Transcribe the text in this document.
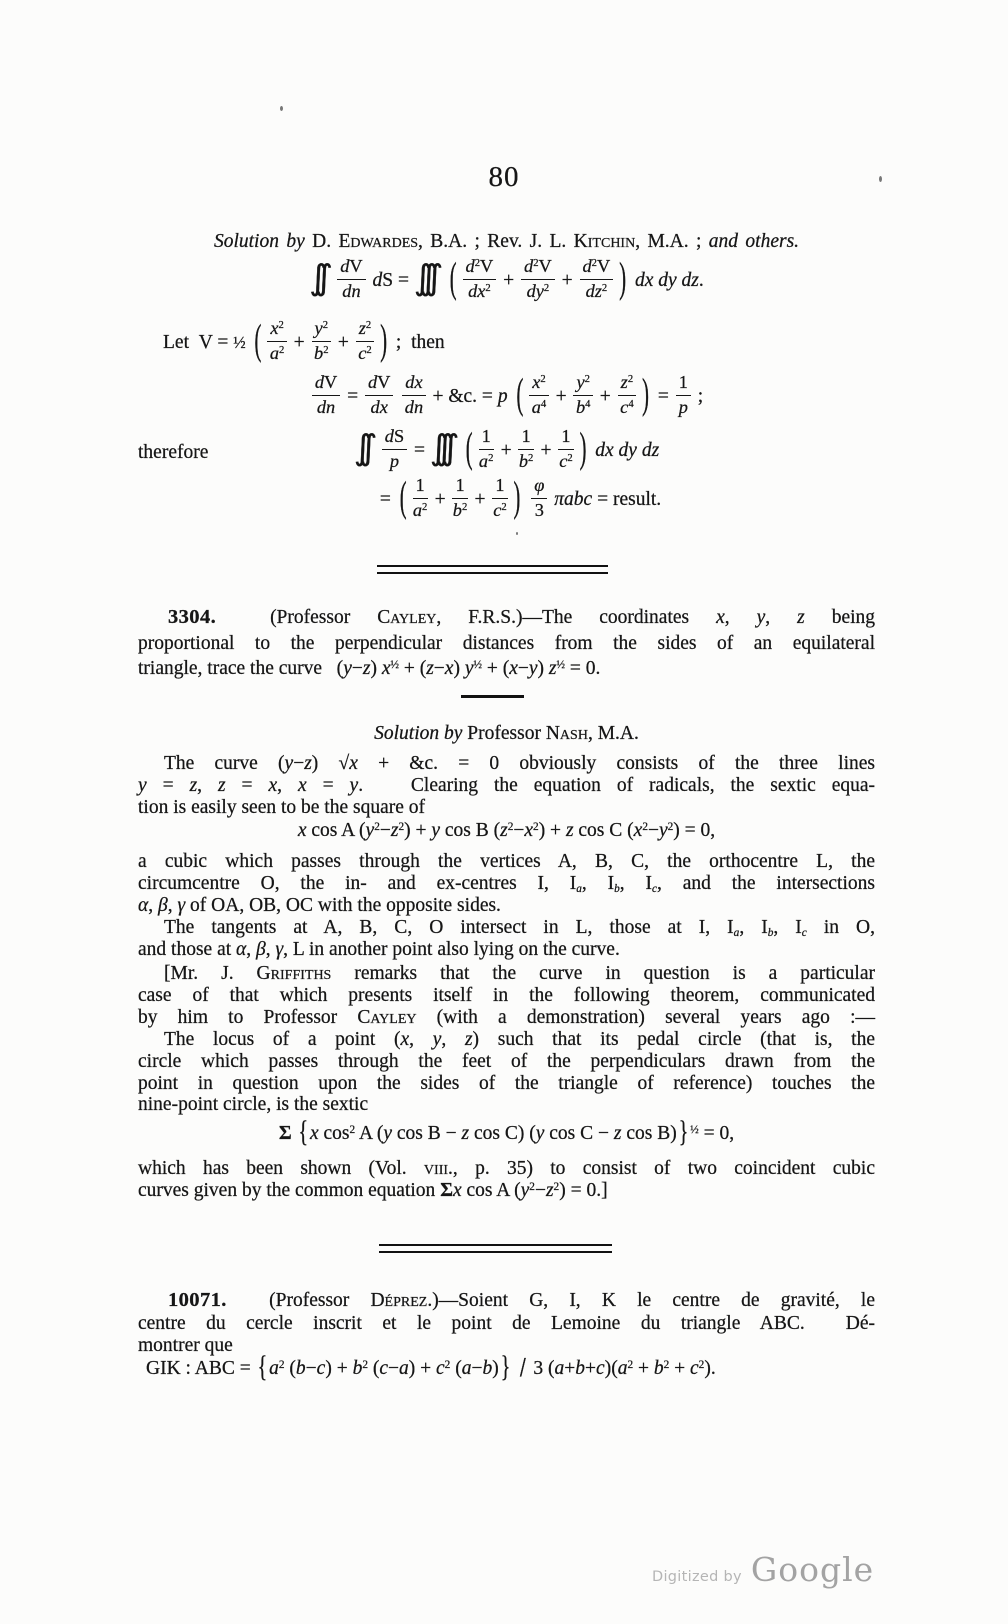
80
Solution by D. Edwardes, B.A. ; Rev. J. L. Kitchin, M.A. ; and others.
∫∫ $\frac{dV}{dn}$ dS = ∫∫∫ ( $\frac{d^2V}{dx^2} + \frac{d^2V}{dy^2} + \frac{d^2V}{dz^2}$ ) dx dy dz.
Let  V = ½ ( $\frac{x^2}{a^2} + \frac{y^2}{b^2} + \frac{z^2}{c^2}$ ) ;  then
$\frac{dV}{dn} = \frac{dV}{dx}$
$\frac{dx}{dn}$ + &c. = p ( $\frac{x^2}{a^4} + \frac{y^2}{b^4} + \frac{z^2}{c^4}$ ) = $\frac{1}{p}$ ;
therefore	∫∫ $\frac{dS}{p}$ = ∫∫∫ ( $\frac{1}{a^2} + \frac{1}{b^2} + \frac{1}{c^2}$ ) dx dy dz
= ( $\frac{1}{a^2} + \frac{1}{b^2} + \frac{1}{c^2}$ ) $\frac{\varphi}{3}$ πabc = result.
3304.  (Professor Cayley, F.R.S.)—The coordinates x, y, z being
proportional to the perpendicular distances from the sides of an equilateral
triangle, trace the curve   (y−z) $x^{\frac{1}{2}} + (z-x) y^{\frac{1}{2}} + (x-y) z^{\frac{1}{2}} = 0$.
Solution by Professor Nash, M.A.
The curve (y−z) √x + &c. = 0 obviously consists of the three lines
y = z, z = x, x = y.   Clearing the equation of radicals, the sextic equa-
tion is easily seen to be the square of
x cos A $(y^2-z^2) + y$ cos B $(z^2-x^2) + z$ cos C $(x^2-y^2) = 0$,
a cubic which passes through the vertices A, B, C, the orthocentre L, the
circumcentre O, the in- and ex-centres I, $I_a$, $I_b$, $I_c$, and the intersections
α, β, γ of OA, OB, OC with the opposite sides.
The tangents at A, B, C, O intersect in L, those at I, $I_a$, $I_b$, $I_c$ in O,
and those at α, β, γ, L in another point also lying on the curve.
[Mr. J. Griffiths remarks that the curve in question is a particular
case of that which presents itself in the following theorem, communicated
by him to Professor Cayley (with a demonstration) several years ago :—
The locus of a point (x, y, z) such that its pedal circle (that is, the
circle which passes through the feet of the perpendiculars drawn from the
point in question upon the sides of the triangle of reference) touches the
nine-point circle, is the sextic
Σ { x $\cos^2 A$ (y cos B − z cos C) (y cos C − z cos B) } $^{\frac{1}{2}}$ = 0,
which has been shown (Vol. viii., p. 35) to consist of two coincident cubic
curves given by the common equation Σx cos A $(y^2-z^2) = 0$.]
10071.  (Professor Déprez.)—Soient G, I, K le centre de gravité, le
centre du cercle inscrit et le point de Lemoine du triangle ABC.  Dé-
montrer que
GIK : ABC = { $a^2$ $(b-c) + b^2$ $(c-a) + c^2$ (a−b) } / 3 $(a+b+c)(a^2 + b^2 + c^2)$.
Digitized by Google
